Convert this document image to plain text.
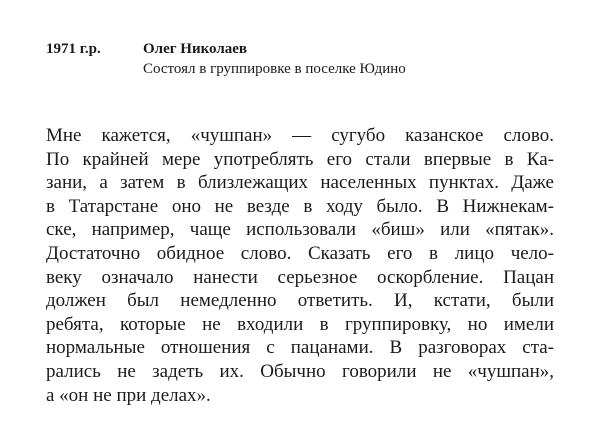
1971 г.р.	Олег Николаев
Состоял в группировке в поселке Юдино
Мне кажется, «чушпан» — сугубо казанское слово.
По крайней мере употреблять его стали впервые в Ка-
зани, а затем в близлежащих населенных пунктах. Даже
в Татарстане оно не везде в ходу было. В Нижнекам-
ске, например, чаще использовали «биш» или «пятак».
Достаточно обидное слово. Сказать его в лицо чело-
веку означало нанести серьезное оскорбление. Пацан
должен был немедленно ответить. И, кстати, были
ребята, которые не входили в группировку, но имели
нормальные отношения с пацанами. В разговорах ста-
рались не задеть их. Обычно говорили не «чушпан»,
а «он не при делах».
